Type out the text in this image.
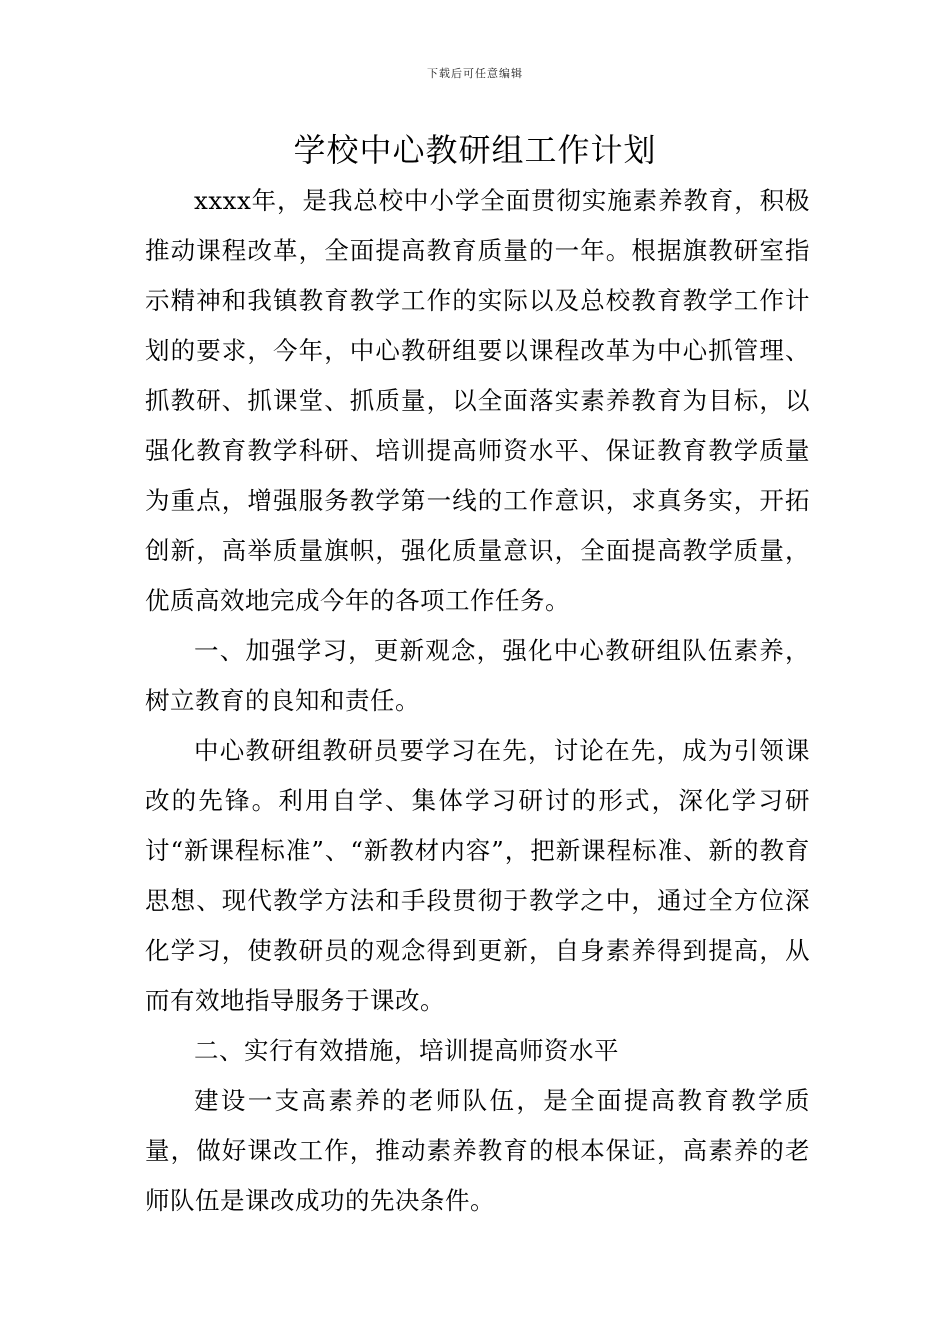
下载后可任意编辑
学校中心教研组工作计划

xxxx年，是我总校中小学全面贯彻实施素养教育，积极推动课程改革，全面提高教育质量的一年。根据旗教研室指示精神和我镇教育教学工作的实际以及总校教育教学工作计划的要求，今年，中心教研组要以课程改革为中心抓管理、抓教研、抓课堂、抓质量，以全面落实素养教育为目标，以强化教育教学科研、培训提高师资水平、保证教育教学质量为重点，增强服务教学第一线的工作意识，求真务实，开拓创新，高举质量旗帜，强化质量意识，全面提高教学质量，优质高效地完成今年的各项工作任务。

一、加强学习，更新观念，强化中心教研组队伍素养，树立教育的良知和责任。

中心教研组教研员要学习在先，讨论在先，成为引领课改的先锋。利用自学、集体学习研讨的形式，深化学习研讨“新课程标准”、“新教材内容”，把新课程标准、新的教育思想、现代教学方法和手段贯彻于教学之中，通过全方位深化学习，使教研员的观念得到更新，自身素养得到提高，从而有效地指导服务于课改。

二、实行有效措施，培训提高师资水平

建设一支高素养的老师队伍，是全面提高教育教学质量，做好课改工作，推动素养教育的根本保证，高素养的老师队伍是课改成功的先决条件。
